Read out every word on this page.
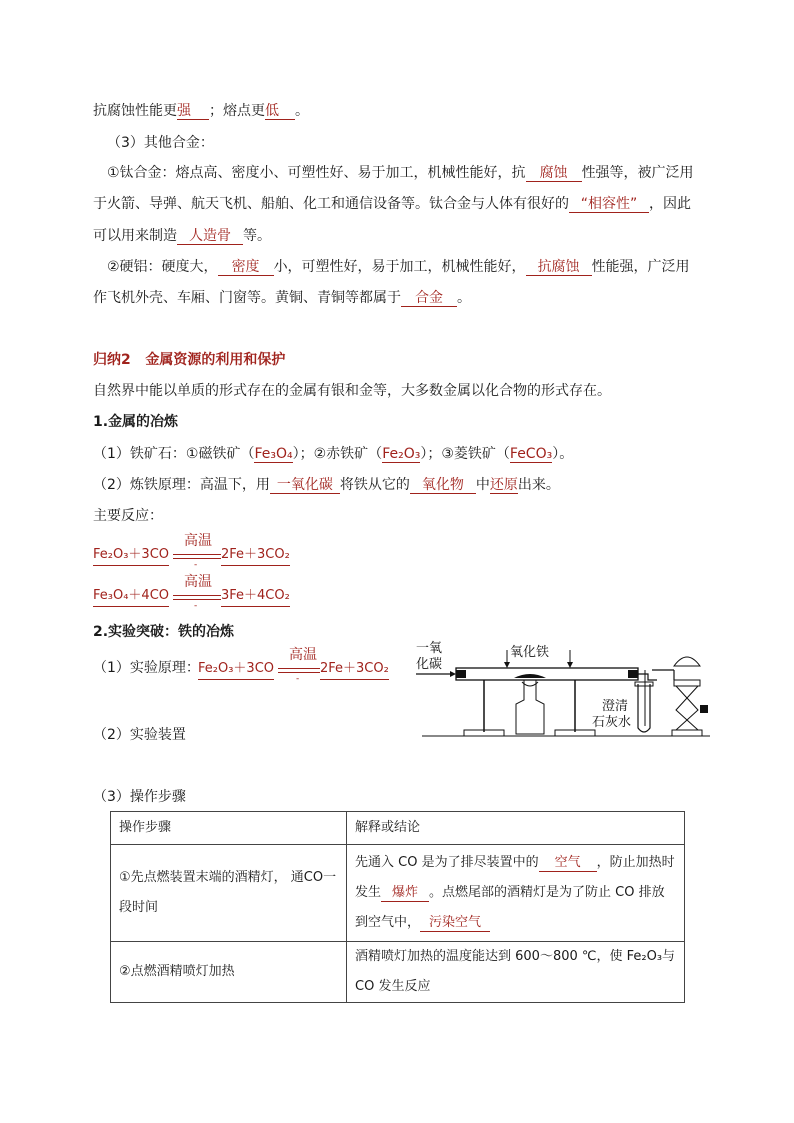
抗腐蚀性能更强 ；熔点更低 。
（3）其他合金：
①钛合金：熔点高、密度小、可塑性好、易于加工，机械性能好，抗 腐蚀 性强等，被广泛用
于火箭、导弹、航天飞机、船舶、化工和通信设备等。钛合金与人体有很好的 “相容性” ，因此
可以用来制造 人造骨 等。
②硬铝：硬度大， 密度 小，可塑性好，易于加工，机械性能好， 抗腐蚀 性能强，广泛用
作飞机外壳、车厢、门窗等。黄铜、青铜等都属于 合金 。
归纳2 金属资源的利用和保护
自然界中能以单质的形式存在的金属有银和金等，大多数金属以化合物的形式存在。
1.金属的冶炼
（1）铁矿石：①磁铁矿（Fe₃O₄）；②赤铁矿（Fe₂O₃）；③菱铁矿（FeCO₃）。
（2）炼铁原理：高温下，用 一氧化碳 将铁从它的 氧化物 中还原出来。
主要反应：
Fe₂O₃＋3CO
高温
-
2Fe＋3CO₂
Fe₃O₄＋4CO
高温
-
3Fe＋4CO₂
2.实验突破：铁的冶炼
（1）实验原理：
Fe₂O₃＋3CO
高温
-
2Fe＋3CO₂
一氧化碳
氧化铁
澄清石灰水
（2）实验装置
（3）操作步骤
操作步骤	解释或结论
①先点燃装置末端的酒精灯， 通CO一段时间	先通入 CO 是为了排尽装置中的 空气 ，防止加热时发生 爆炸 。点燃尾部的酒精灯是为了防止 CO 排放到空气中， 污染空气
②点燃酒精喷灯加热	酒精喷灯加热的温度能达到 600～800 ℃，使 Fe₂O₃与 CO 发生反应
